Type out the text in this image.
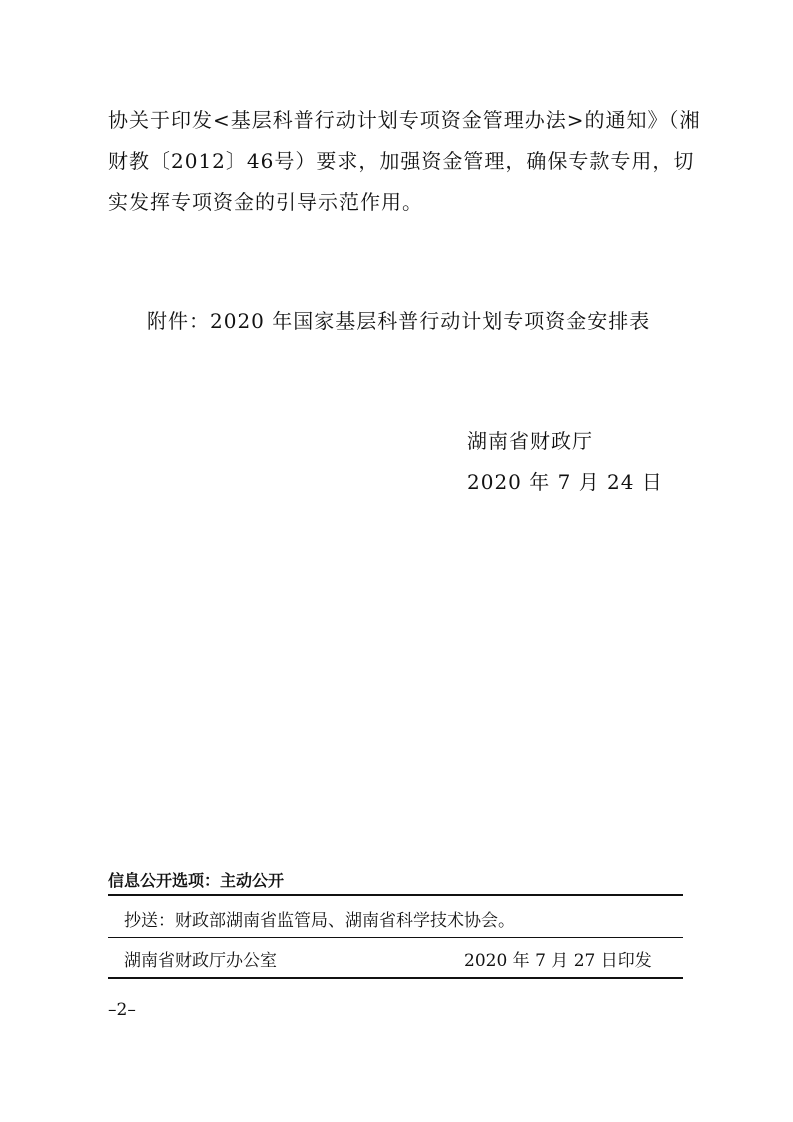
协关于印发<基层科普行动计划专项资金管理办法>的通知》（湘
财教〔2012〕46号）要求，加强资金管理，确保专款专用，切
实发挥专项资金的引导示范作用。
附件：2020 年国家基层科普行动计划专项资金安排表
湖南省财政厅
2020 年 7 月 24 日
信息公开选项：主动公开
抄送：财政部湖南省监管局、湖南省科学技术协会。
湖南省财政厅办公室	2020 年 7 月 27 日印发
–2–
